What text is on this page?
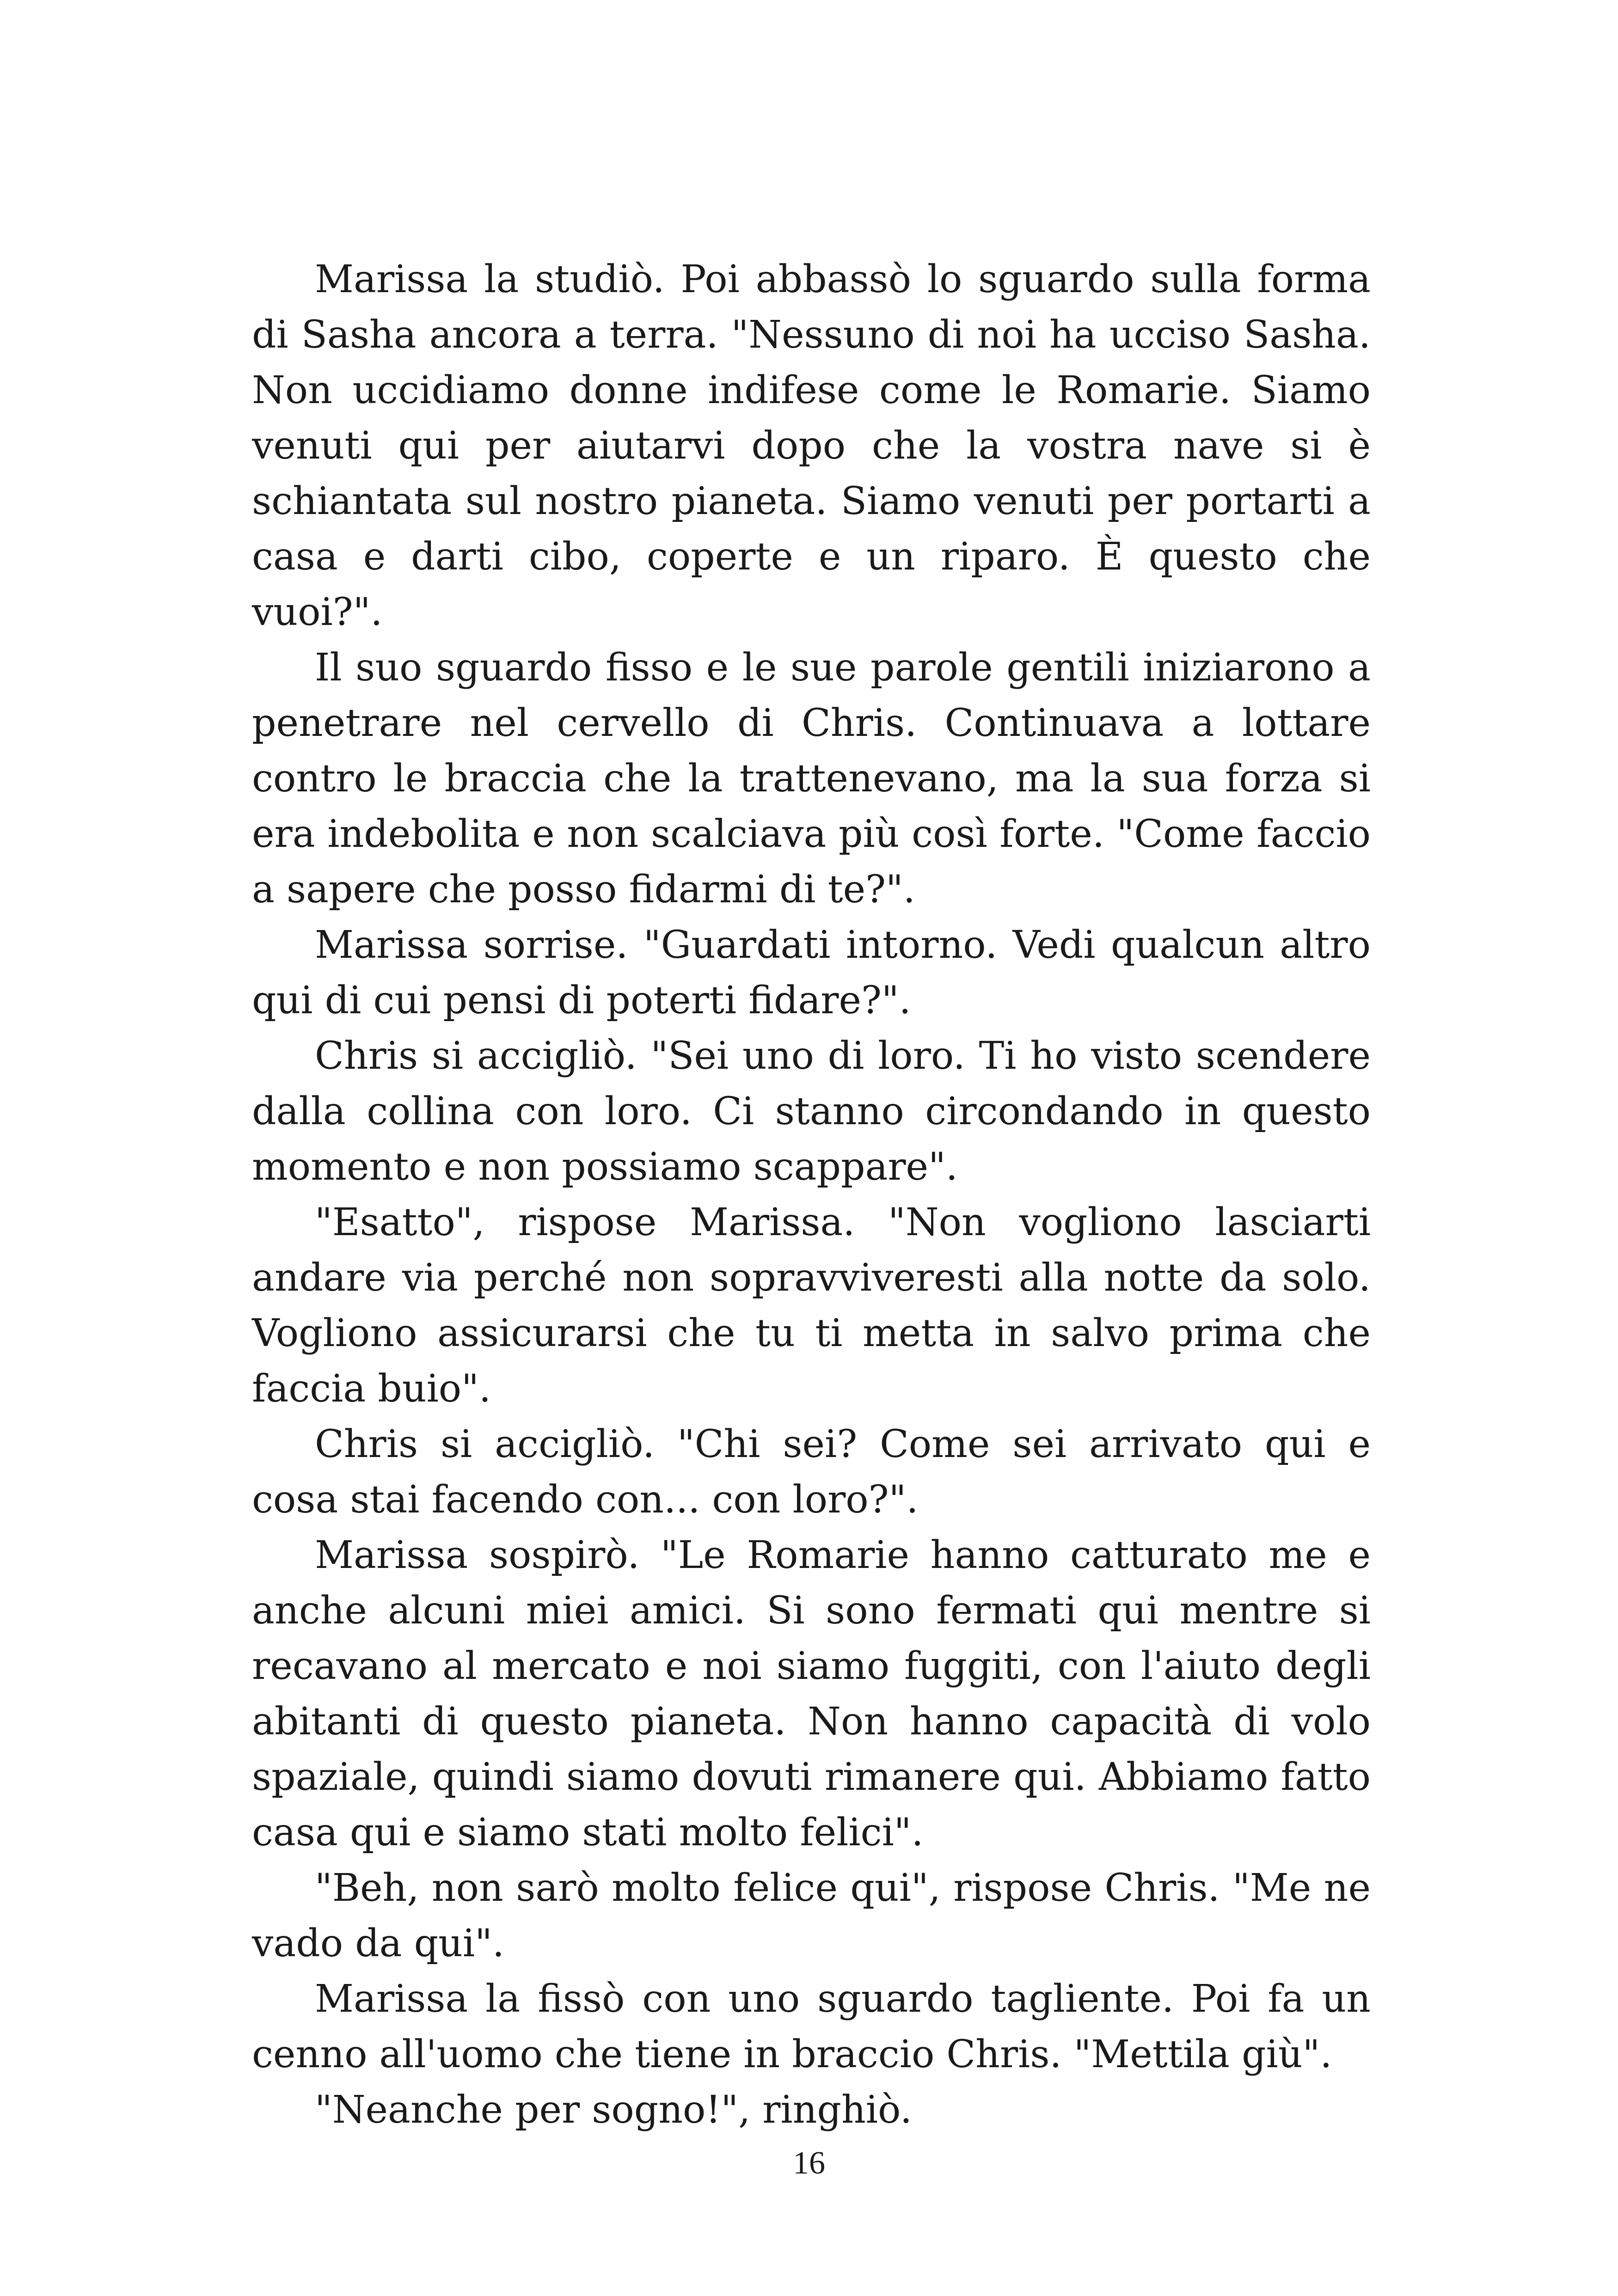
Marissa la studiò. Poi abbassò lo sguardo sulla forma di Sasha ancora a terra. "Nessuno di noi ha ucciso Sasha. Non uccidiamo donne indifese come le Romarie. Siamo venuti qui per aiutarvi dopo che la vostra nave si è schiantata sul nostro pianeta. Siamo venuti per portarti a casa e darti cibo, coperte e un riparo. È questo che vuoi?".

Il suo sguardo fisso e le sue parole gentili iniziarono a penetrare nel cervello di Chris. Continuava a lottare contro le braccia che la trattenevano, ma la sua forza si era indebolita e non scalciava più così forte. "Come faccio a sapere che posso fidarmi di te?".

Marissa sorrise. "Guardati intorno. Vedi qualcun altro qui di cui pensi di poterti fidare?".

Chris si accigliò. "Sei uno di loro. Ti ho visto scendere dalla collina con loro. Ci stanno circondando in questo momento e non possiamo scappare".

"Esatto", rispose Marissa. "Non vogliono lasciarti andare via perché non sopravviveresti alla notte da solo. Vogliono assicurarsi che tu ti metta in salvo prima che faccia buio".

Chris si accigliò. "Chi sei? Come sei arrivato qui e cosa stai facendo con... con loro?".

Marissa sospirò. "Le Romarie hanno catturato me e anche alcuni miei amici. Si sono fermati qui mentre si recavano al mercato e noi siamo fuggiti, con l'aiuto degli abitanti di questo pianeta. Non hanno capacità di volo spaziale, quindi siamo dovuti rimanere qui. Abbiamo fatto casa qui e siamo stati molto felici".

"Beh, non sarò molto felice qui", rispose Chris. "Me ne vado da qui".

Marissa la fissò con uno sguardo tagliente. Poi fa un cenno all'uomo che tiene in braccio Chris. "Mettila giù".

"Neanche per sogno!", ringhiò.

16
